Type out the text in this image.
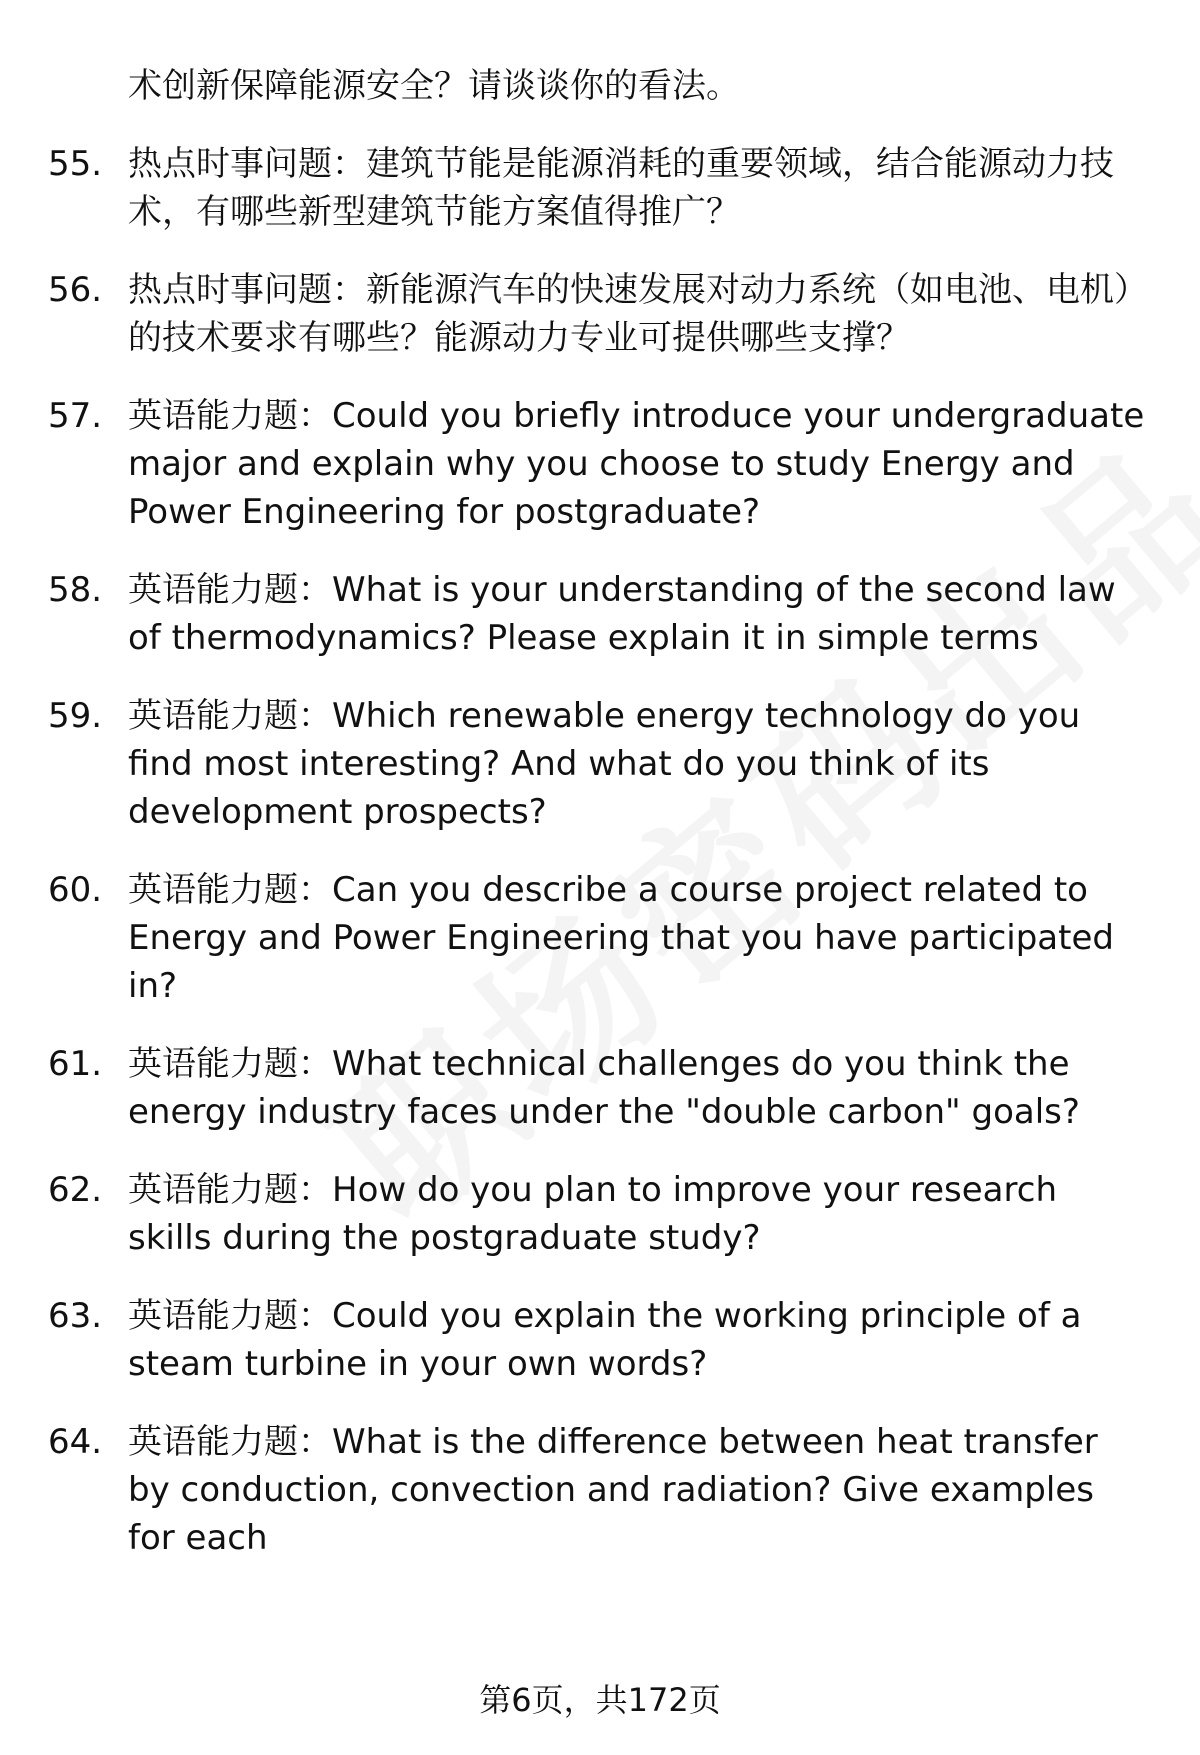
术创新保障能源安全？请谈谈你的看法。
55. 热点时事问题：建筑节能是能源消耗的重要领域，结合能源动力技术，有哪些新型建筑节能方案值得推广？
56. 热点时事问题：新能源汽车的快速发展对动力系统（如电池、电机）的技术要求有哪些？能源动力专业可提供哪些支撑？
57. 英语能力题：Could you briefly introduce your undergraduate major and explain why you choose to study Energy and Power Engineering for postgraduate?
58. 英语能力题：What is your understanding of the second law of thermodynamics? Please explain it in simple terms
59. 英语能力题：Which renewable energy technology do you find most interesting? And what do you think of its development prospects?
60. 英语能力题：Can you describe a course project related to Energy and Power Engineering that you have participated in?
61. 英语能力题：What technical challenges do you think the energy industry faces under the "double carbon" goals?
62. 英语能力题：How do you plan to improve your research skills during the postgraduate study?
63. 英语能力题：Could you explain the working principle of a steam turbine in your own words?
64. 英语能力题：What is the difference between heat transfer by conduction, convection and radiation? Give examples for each
第6页，共172页
